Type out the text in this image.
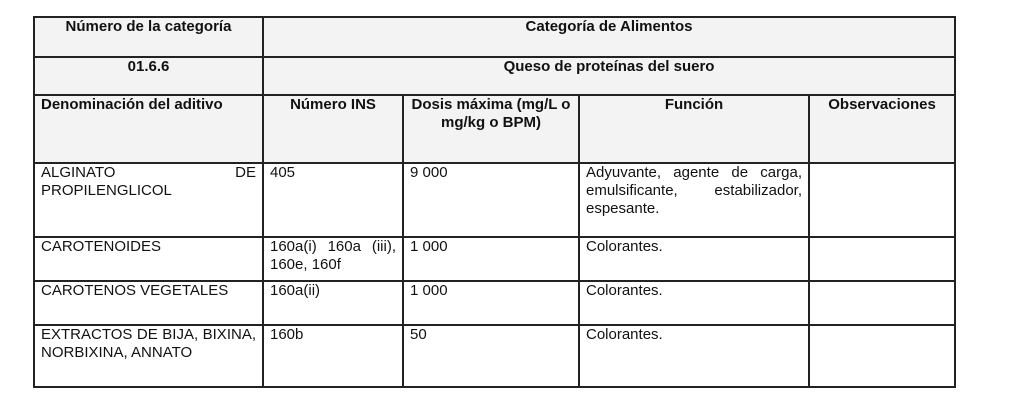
Número de la categoría	Categoría de Alimentos			
01.6.6	Queso de proteínas del suero			
Denominación del aditivo	Número INS	Dosis máxima (mg/L o mg/kg o BPM)	Función	Observaciones
ALGINATO DE PROPILENGLICOL	405	9 000	Adyuvante, agente de carga, emulsificante, estabilizador, espesante.	
CAROTENOIDES	160a(i) 160a (iii), 160e, 160f	1 000	Colorantes.	
CAROTENOS VEGETALES	160a(ii)	1 000	Colorantes.	
EXTRACTOS DE BIJA, BIXINA, NORBIXINA, ANNATO	160b	50	Colorantes.	
